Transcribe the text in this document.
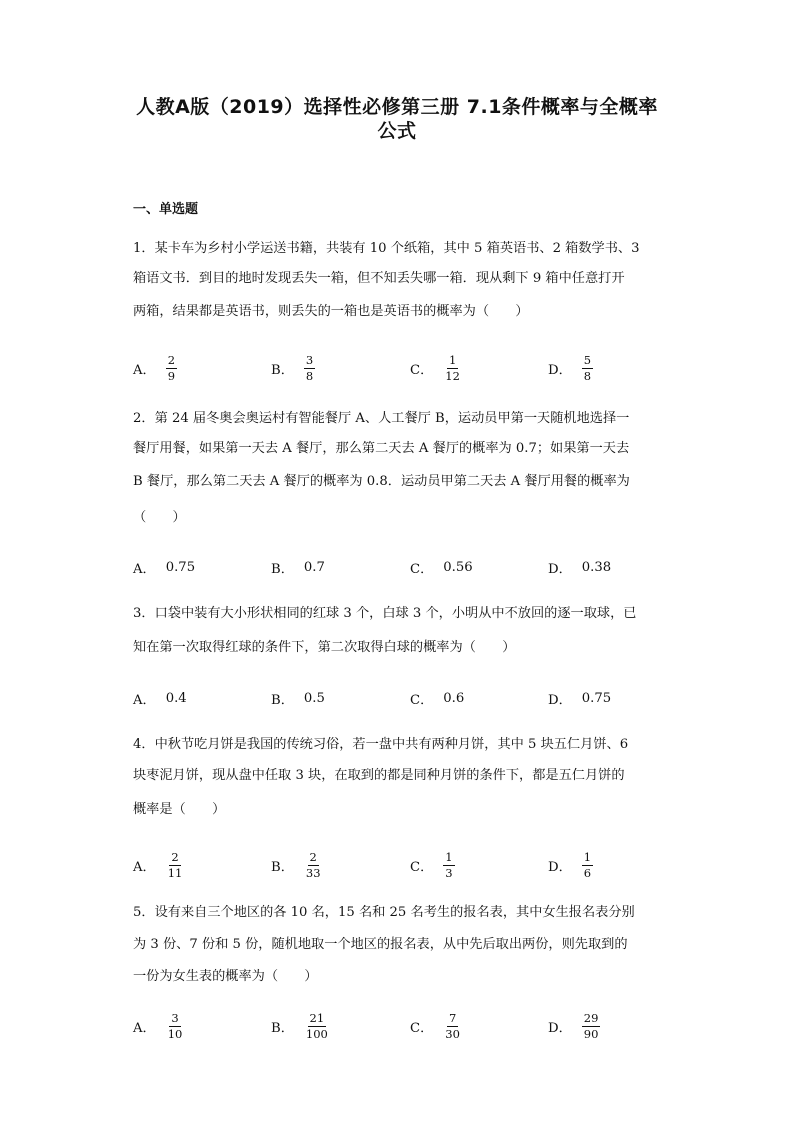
人教A版（2019）选择性必修第三册 7.1条件概率与全概率
公式
一、单选题
1．某卡车为乡村小学运送书籍，共装有 10 个纸箱，其中 5 箱英语书、2 箱数学书、3
箱语文书．到目的地时发现丢失一箱，但不知丢失哪一箱．现从剩下 9 箱中任意打开
两箱，结果都是英语书，则丢失的一箱也是英语书的概率为（　　）
A． $\frac{2}{9}$	B． $\frac{3}{8}$	C． $\frac{1}{12}$	D． $\frac{5}{8}$
2．第 24 届冬奥会奥运村有智能餐厅 A、人工餐厅 B，运动员甲第一天随机地选择一
餐厅用餐，如果第一天去 A 餐厅，那么第二天去 A 餐厅的概率为 0.7；如果第一天去
B 餐厅，那么第二天去 A 餐厅的概率为 0.8．运动员甲第二天去 A 餐厅用餐的概率为
（　　）
A． 0.75	B． 0.7	C． 0.56	D． 0.38
3．口袋中装有大小形状相同的红球 3 个，白球 3 个，小明从中不放回的逐一取球，已
知在第一次取得红球的条件下，第二次取得白球的概率为（　　）
A． 0.4	B． 0.5	C． 0.6	D． 0.75
4．中秋节吃月饼是我国的传统习俗，若一盘中共有两种月饼，其中 5 块五仁月饼、6
块枣泥月饼，现从盘中任取 3 块，在取到的都是同种月饼的条件下，都是五仁月饼的
概率是（　　）
A． $\frac{2}{11}$	B． $\frac{2}{33}$	C． $\frac{1}{3}$	D． $\frac{1}{6}$
5．设有来自三个地区的各 10 名，15 名和 25 名考生的报名表，其中女生报名表分别
为 3 份、7 份和 5 份，随机地取一个地区的报名表，从中先后取出两份，则先取到的
一份为女生表的概率为（　　）
A． $\frac{3}{10}$	B． $\frac{21}{100}$	C． $\frac{7}{30}$	D． $\frac{29}{90}$
